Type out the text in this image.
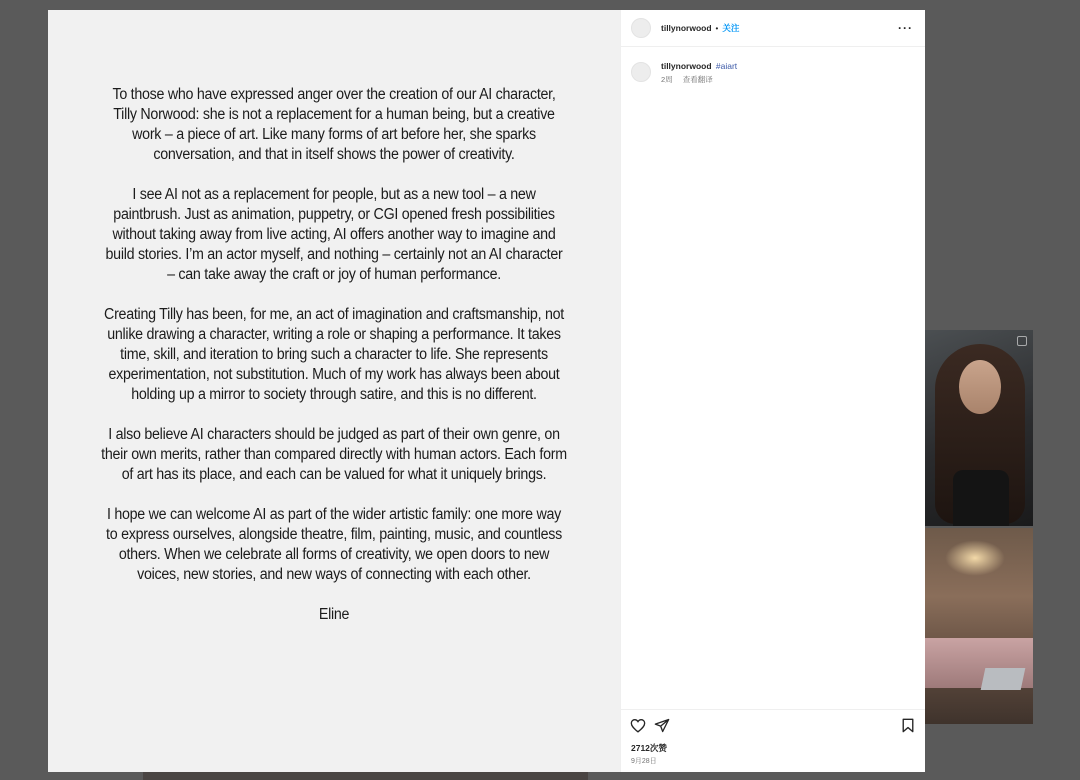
To those who have expressed anger over the creation of our AI character, Tilly Norwood: she is not a replacement for a human being, but a creative work – a piece of art. Like many forms of art before her, she sparks conversation, and that in itself shows the power of creativity.

I see AI not as a replacement for people, but as a new tool – a new paintbrush. Just as animation, puppetry, or CGI opened fresh possibilities without taking away from live acting, AI offers another way to imagine and build stories. I’m an actor myself, and nothing – certainly not an AI character – can take away the craft or joy of human performance.

Creating Tilly has been, for me, an act of imagination and craftsmanship, not unlike drawing a character, writing a role or shaping a performance. It takes time, skill, and iteration to bring such a character to life. She represents experimentation, not substitution. Much of my work has always been about holding up a mirror to society through satire, and this is no different.

I also believe AI characters should be judged as part of their own genre, on their own merits, rather than compared directly with human actors. Each form of art has its place, and each can be valued for what it uniquely brings.

I hope we can welcome AI as part of the wider artistic family: one more way to express ourselves, alongside theatre, film, painting, music, and countless others. When we celebrate all forms of creativity, we open doors to new voices, new stories, and new ways of connecting with each other.

Eline

tillynorwood • 关注	···
tillynorwood #aiart
2周 查看翻译
2712次赞
9月28日
